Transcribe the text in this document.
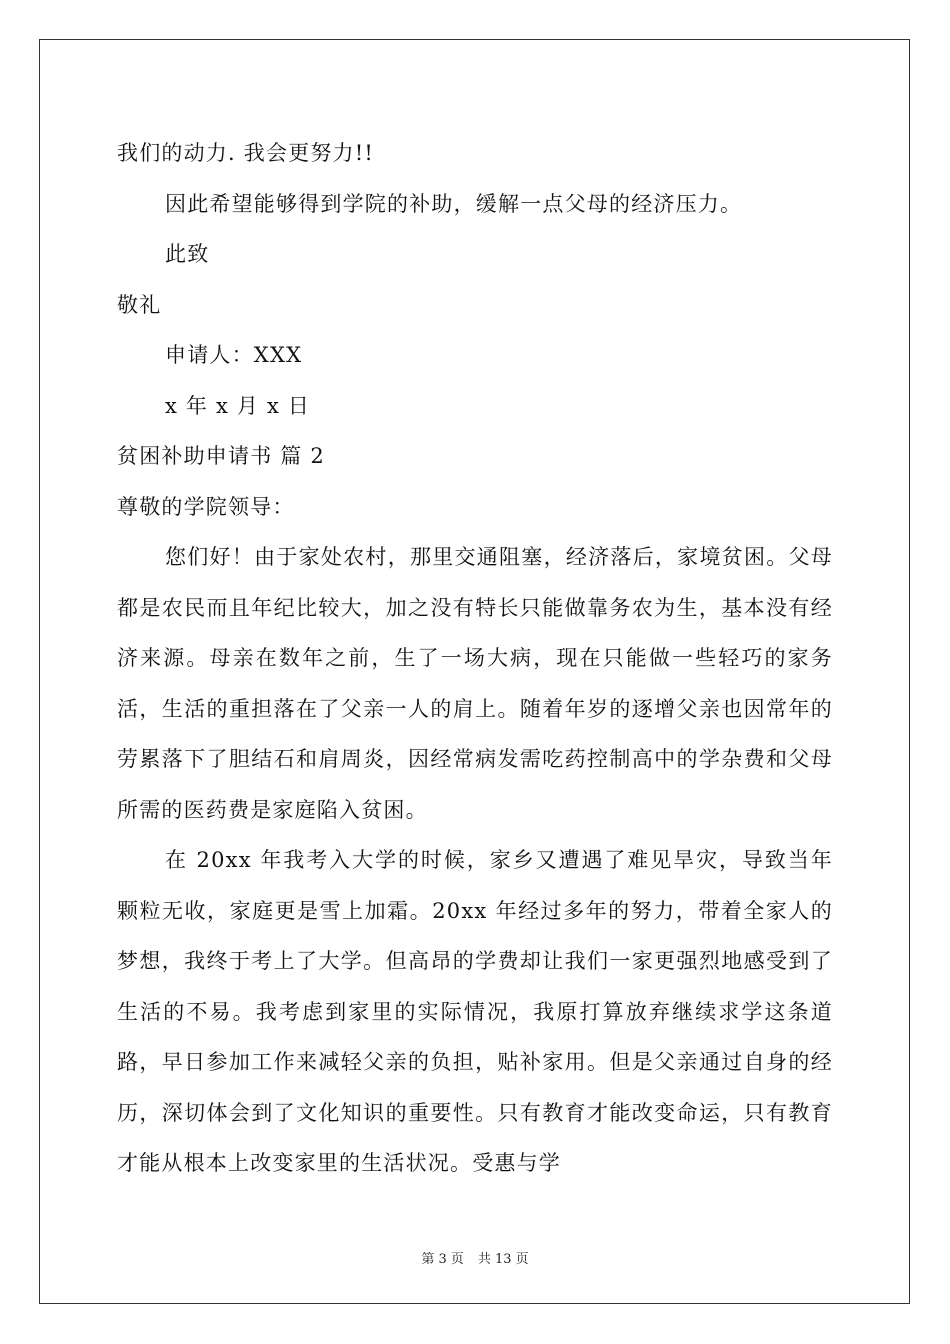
我们的动力. 我会更努力!!
因此希望能够得到学院的补助，缓解一点父母的经济压力。
此致
敬礼
申请人：XXX
x 年 x 月 x 日
贫困补助申请书 篇 2
尊敬的学院领导：

您们好！由于家处农村，那里交通阻塞，经济落后，家境贫困。父母都是农民而且年纪比较大，加之没有特长只能做靠务农为生，基本没有经济来源。母亲在数年之前，生了一场大病，现在只能做一些轻巧的家务活，生活的重担落在了父亲一人的肩上。随着年岁的逐增父亲也因常年的劳累落下了胆结石和肩周炎，因经常病发需吃药控制高中的学杂费和父母所需的医药费是家庭陷入贫困。

在 20xx 年我考入大学的时候，家乡又遭遇了难见旱灾，导致当年颗粒无收，家庭更是雪上加霜。20xx 年经过多年的努力，带着全家人的梦想，我终于考上了大学。但高昂的学费却让我们一家更强烈地感受到了生活的不易。我考虑到家里的实际情况，我原打算放弃继续求学这条道路，早日参加工作来减轻父亲的负担，贴补家用。但是父亲通过自身的经历，深切体会到了文化知识的重要性。只有教育才能改变命运，只有教育才能从根本上改变家里的生活状况。受惠与学

第 3 页 共 13 页
